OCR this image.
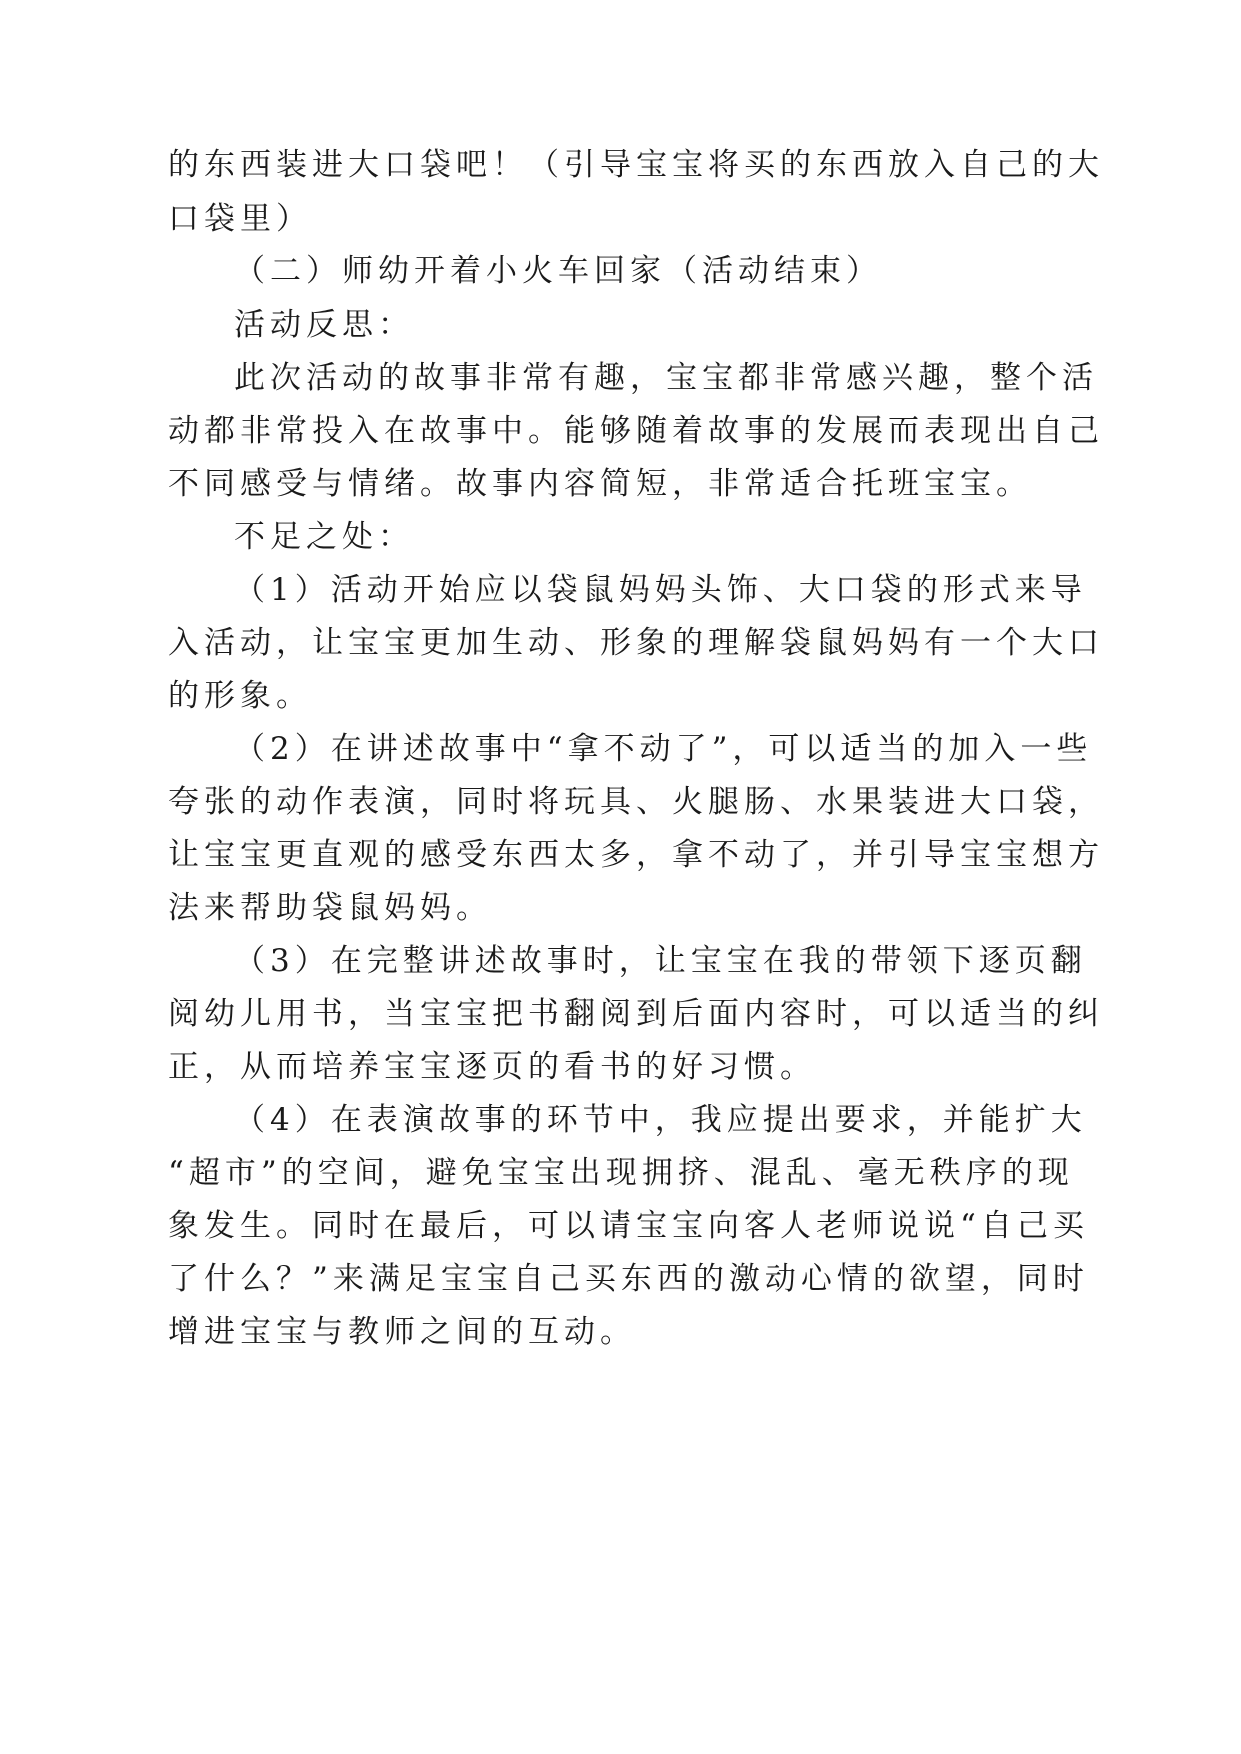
的东西装进大口袋吧！（引导宝宝将买的东西放入自己的大

口袋里）

（二）师幼开着小火车回家（活动结束）

活动反思：

此次活动的故事非常有趣，宝宝都非常感兴趣，整个活

动都非常投入在故事中。能够随着故事的发展而表现出自己

不同感受与情绪。故事内容简短，非常适合托班宝宝。

不足之处：

（1）活动开始应以袋鼠妈妈头饰、大口袋的形式来导

入活动，让宝宝更加生动、形象的理解袋鼠妈妈有一个大口

的形象。

（2）在讲述故事中“拿不动了”，可以适当的加入一些

夸张的动作表演，同时将玩具、火腿肠、水果装进大口袋，

让宝宝更直观的感受东西太多，拿不动了，并引导宝宝想方

法来帮助袋鼠妈妈。

（3）在完整讲述故事时，让宝宝在我的带领下逐页翻

阅幼儿用书，当宝宝把书翻阅到后面内容时，可以适当的纠

正，从而培养宝宝逐页的看书的好习惯。

（4）在表演故事的环节中，我应提出要求，并能扩大

“超市”的空间，避免宝宝出现拥挤、混乱、毫无秩序的现

象发生。同时在最后，可以请宝宝向客人老师说说“自己买

了什么？”来满足宝宝自己买东西的激动心情的欲望，同时

增进宝宝与教师之间的互动。
